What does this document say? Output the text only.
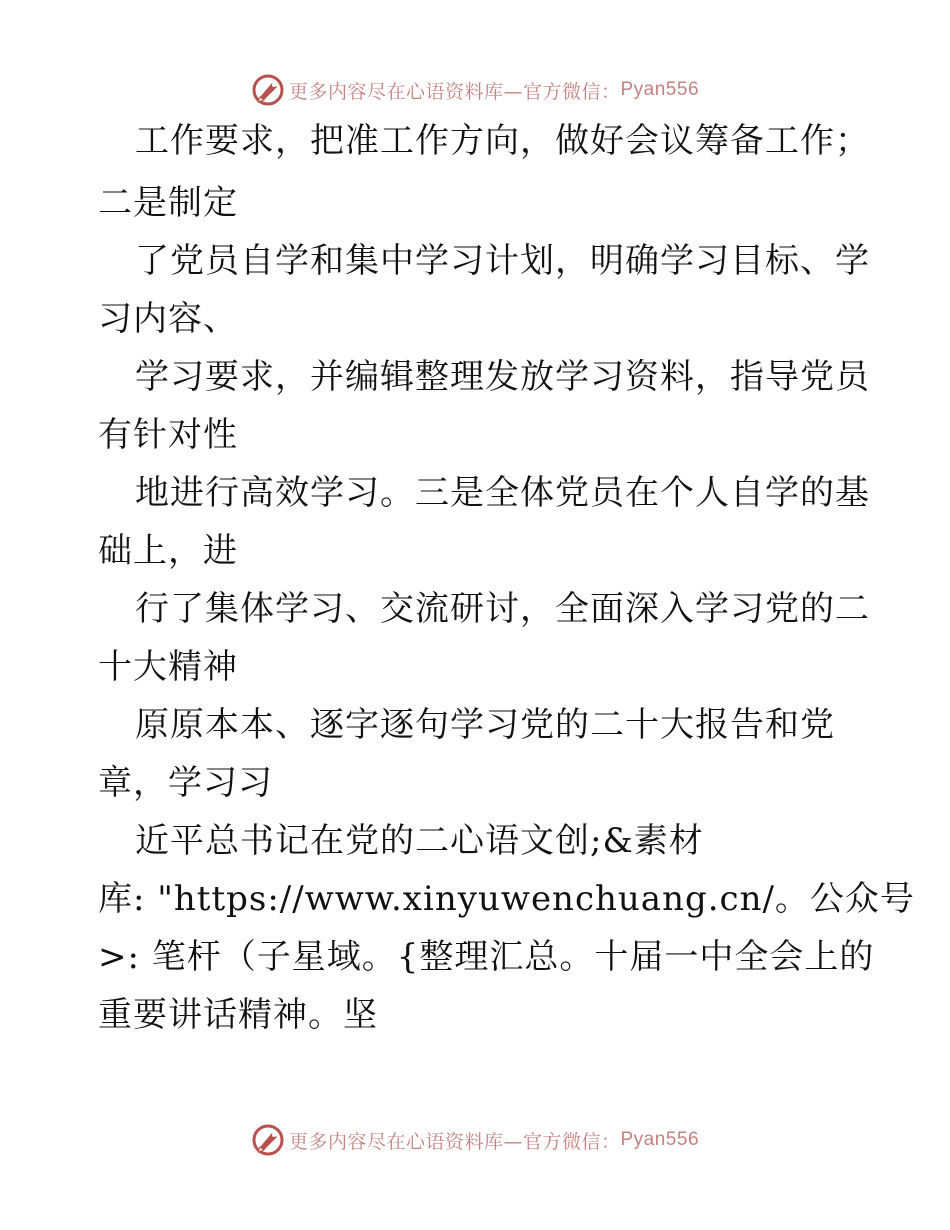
更多内容尽在心语资料库—官方微信： Pyan556

工作要求，把准工作方向，做好会议筹备工作；

二是制定

了党员自学和集中学习计划，明确学习目标、学

习内容、

学习要求，并编辑整理发放学习资料，指导党员

有针对性

地进行高效学习。三是全体党员在个人自学的基

础上，进

行了集体学习、交流研讨，全面深入学习党的二

十大精神

原原本本、逐字逐句学习党的二十大报告和党

章，学习习

近平总书记在党的二心语文创;&素材

库: "https://www.xinyuwenchuang.cn/。公众号

>: 笔杆（子星域。{整理汇总。十届一中全会上的

重要讲话精神。坚

更多内容尽在心语资料库—官方微信： Pyan556
